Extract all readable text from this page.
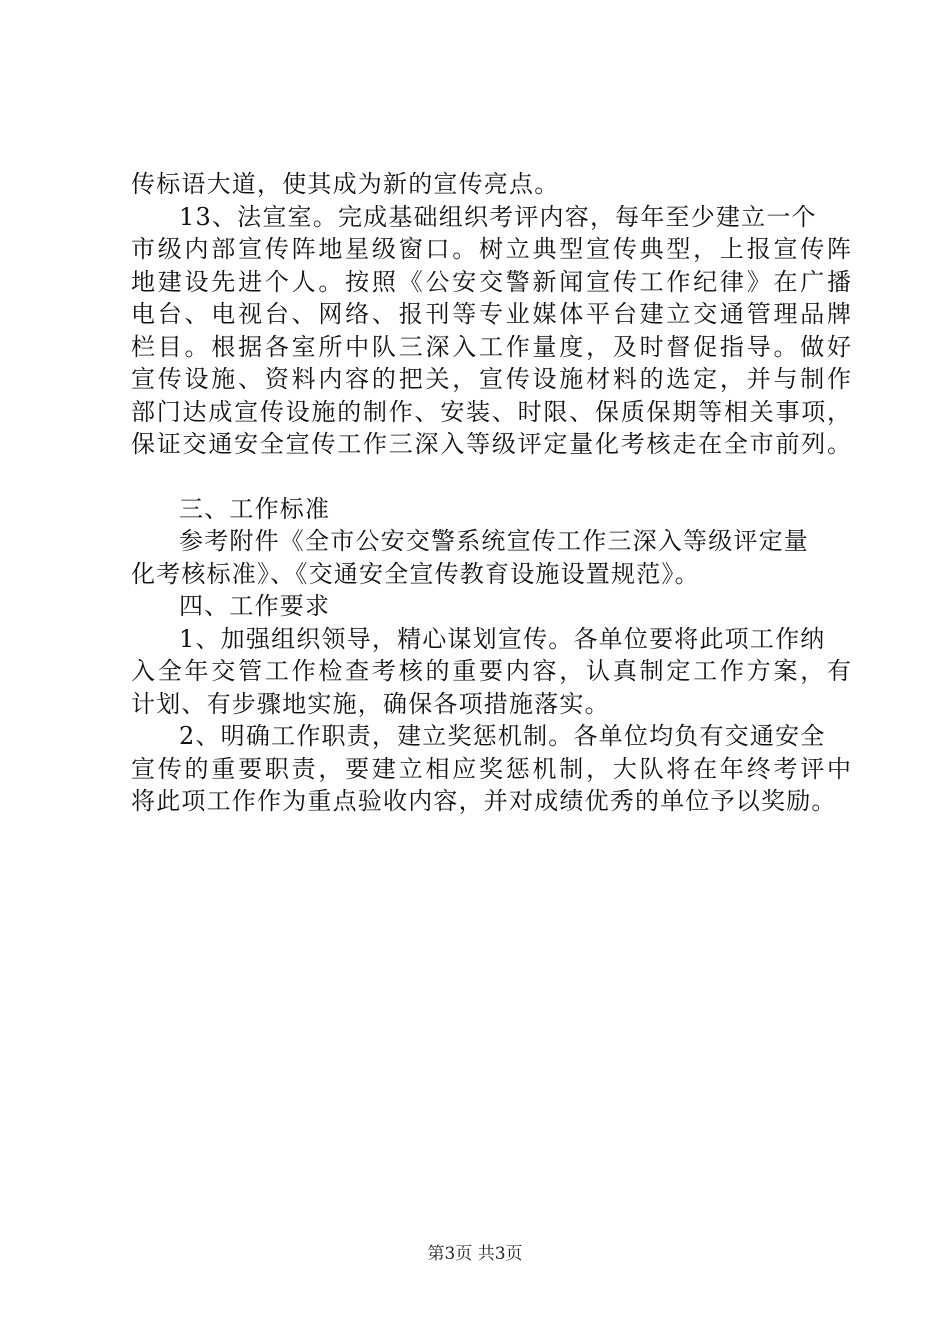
传标语大道，使其成为新的宣传亮点。
13、法宣室。完成基础组织考评内容，每年至少建立一个
市级内部宣传阵地星级窗口。树立典型宣传典型，上报宣传阵
地建设先进个人。按照《公安交警新闻宣传工作纪律》在广播
电台、电视台、网络、报刊等专业媒体平台建立交通管理品牌
栏目。根据各室所中队三深入工作量度，及时督促指导。做好
宣传设施、资料内容的把关，宣传设施材料的选定，并与制作
部门达成宣传设施的制作、安装、时限、保质保期等相关事项，
保证交通安全宣传工作三深入等级评定量化考核走在全市前列。
三、工作标准
参考附件《全市公安交警系统宣传工作三深入等级评定量
化考核标准》、《交通安全宣传教育设施设置规范》。
四、工作要求
1、加强组织领导，精心谋划宣传。各单位要将此项工作纳
入全年交管工作检查考核的重要内容，认真制定工作方案，有
计划、有步骤地实施，确保各项措施落实。
2、明确工作职责，建立奖惩机制。各单位均负有交通安全
宣传的重要职责，要建立相应奖惩机制，大队将在年终考评中
将此项工作作为重点验收内容，并对成绩优秀的单位予以奖励。
第3页 共3页
